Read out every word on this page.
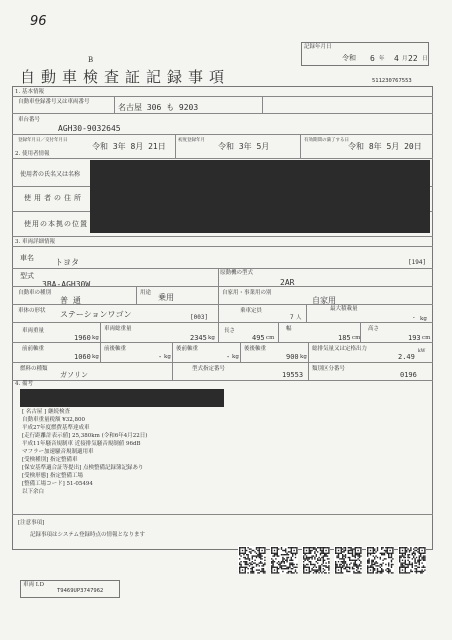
96
記録年月日
令和 6 年 4 月 22 日
B
自動車検査証記録事項	511230767553
1. 基本情報
自動車登録番号又は車両番号
名古屋 306 も 9203
車台番号
AGH30-9032645
登録年月日／交付年月日
令和 3年 8月 21日
初度登録年月
令和 3年 5月
有効期間の満了する日
令和 8年 5月 20日
2. 使用者情報
使用者の氏名又は名称
使用者の住所
使用の本拠の位置
3. 車両詳細情報
車名	トヨタ	[194]
型式
3BA-AGH30W
原動機の型式
2AR
自動車の種別
普 通
用途 乗用	自家用・事業用の別
自家用
車体の形状 ステーションワゴン	[003]
乗車定員
7 人
最大積載量
- kg
車両重量
1960 kg
車両総重量
2345 kg
長さ
495 cm
幅
185 cm
高さ
193 cm
前前軸重
1060 kg
前後軸重
- kg
後前軸重
- kg
後後軸重
900 kg
総排気量又は定格出力
2.49
kW
燃料の種類
ガソリン
型式指定番号
19553
類別区分番号
0196
4. 備考
[ 名古屋 ] 継続検査
自動車重量税額 ¥32,800
平成27年度燃費基準達成車
[走行距離計表示値] 25,380km (令和6年4月22日)
平成11年騒音規制車 近接排気騒音規制値 96dB
マフラー加速騒音規制適用車
[受検種別] 指定整備車
[保安基準適合証等提出] 点検整備記録簿記録あり
[受検形態] 指定整備工場
[整備工場コード] 51-05494
以下余白
[注意事項]
記録事項はシステム登録時点の情報となります
車両 I.D
T9469UP3747962
